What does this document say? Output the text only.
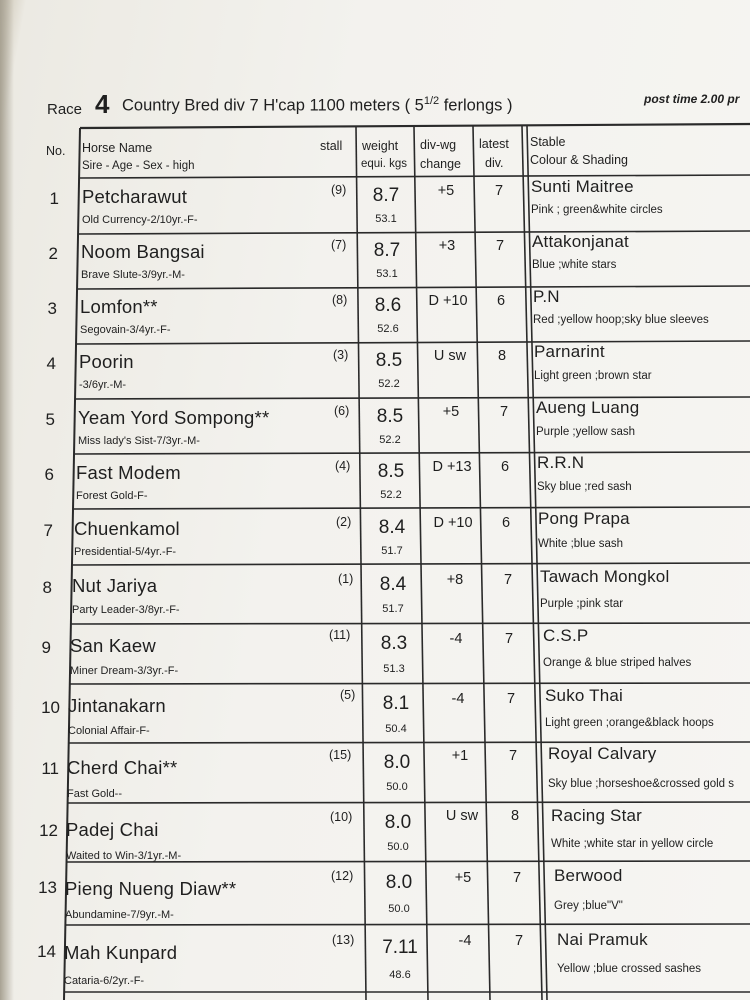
Race 4 Country Bred div 7 H'cap 1100 meters ( $5^{1/2}$ ferlongs )	post time 2.00 pr
No. Horse Name
Sire - Age - Sex - high
stall weight
equi. kgs
div-wg
change
latest
div.
Stable
Colour & Shading
1 Petcharawut
Old Currency-2/10yr.-F-
(9)	8.7
53.1
+5	7	Sunti Maitree
Pink ; green&white circles
2 Noom Bangsai
Brave Slute-3/9yr.-M-
(7)	8.7
53.1
+3	7	Attakonjanat
Blue ;white stars
3 Lomfon**
Segovain-3/4yr.-F-
(8)	8.6
52.6
D +10	6	P.N
Red ;yellow hoop;sky blue sleeves
4 Poorin
-3/6yr.-M-
(3)	8.5
52.2
U sw	8	Parnarint
Light green ;brown star
5 Yeam Yord Sompong**
Miss lady's Sist-7/3yr.-M-
(6)	8.5
52.2
+5	7	Aueng Luang
Purple ;yellow sash
6 Fast Modem
Forest Gold-F-
(4)	8.5
52.2
D +13	6	R.R.N
Sky blue ;red sash
7 Chuenkamol
Presidential-5/4yr.-F-
(2)	8.4
51.7
D +10	6	Pong Prapa
White ;blue sash
8 Nut Jariya
Party Leader-3/8yr.-F-
(1)	8.4
51.7
+8	7	Tawach Mongkol
Purple ;pink star
9 San Kaew
Miner Dream-3/3yr.-F-
(11)	8.3
51.3
-4	7	C.S.P
Orange & blue striped halves
10 Jintanakarn
Colonial Affair-F-
(5)	8.1
50.4
-4	7	Suko Thai
Light green ;orange&black hoops
11 Cherd Chai**
Fast Gold--
(15)	8.0
50.0
+1	7	Royal Calvary
Sky blue ;horseshoe&crossed gold s
12 Padej Chai
Waited to Win-3/1yr.-M-
(10)	8.0
50.0
U sw	8	Racing Star
White ;white star in yellow circle
13 Pieng Nueng Diaw**
Abundamine-7/9yr.-M-
(12)	8.0
50.0
+5	7	Berwood
Grey ;blue"V"
14 Mah Kunpard
Cataria-6/2yr.-F-
(13)	7.11
48.6
-4	7	Nai Pramuk
Yellow ;blue crossed sashes
